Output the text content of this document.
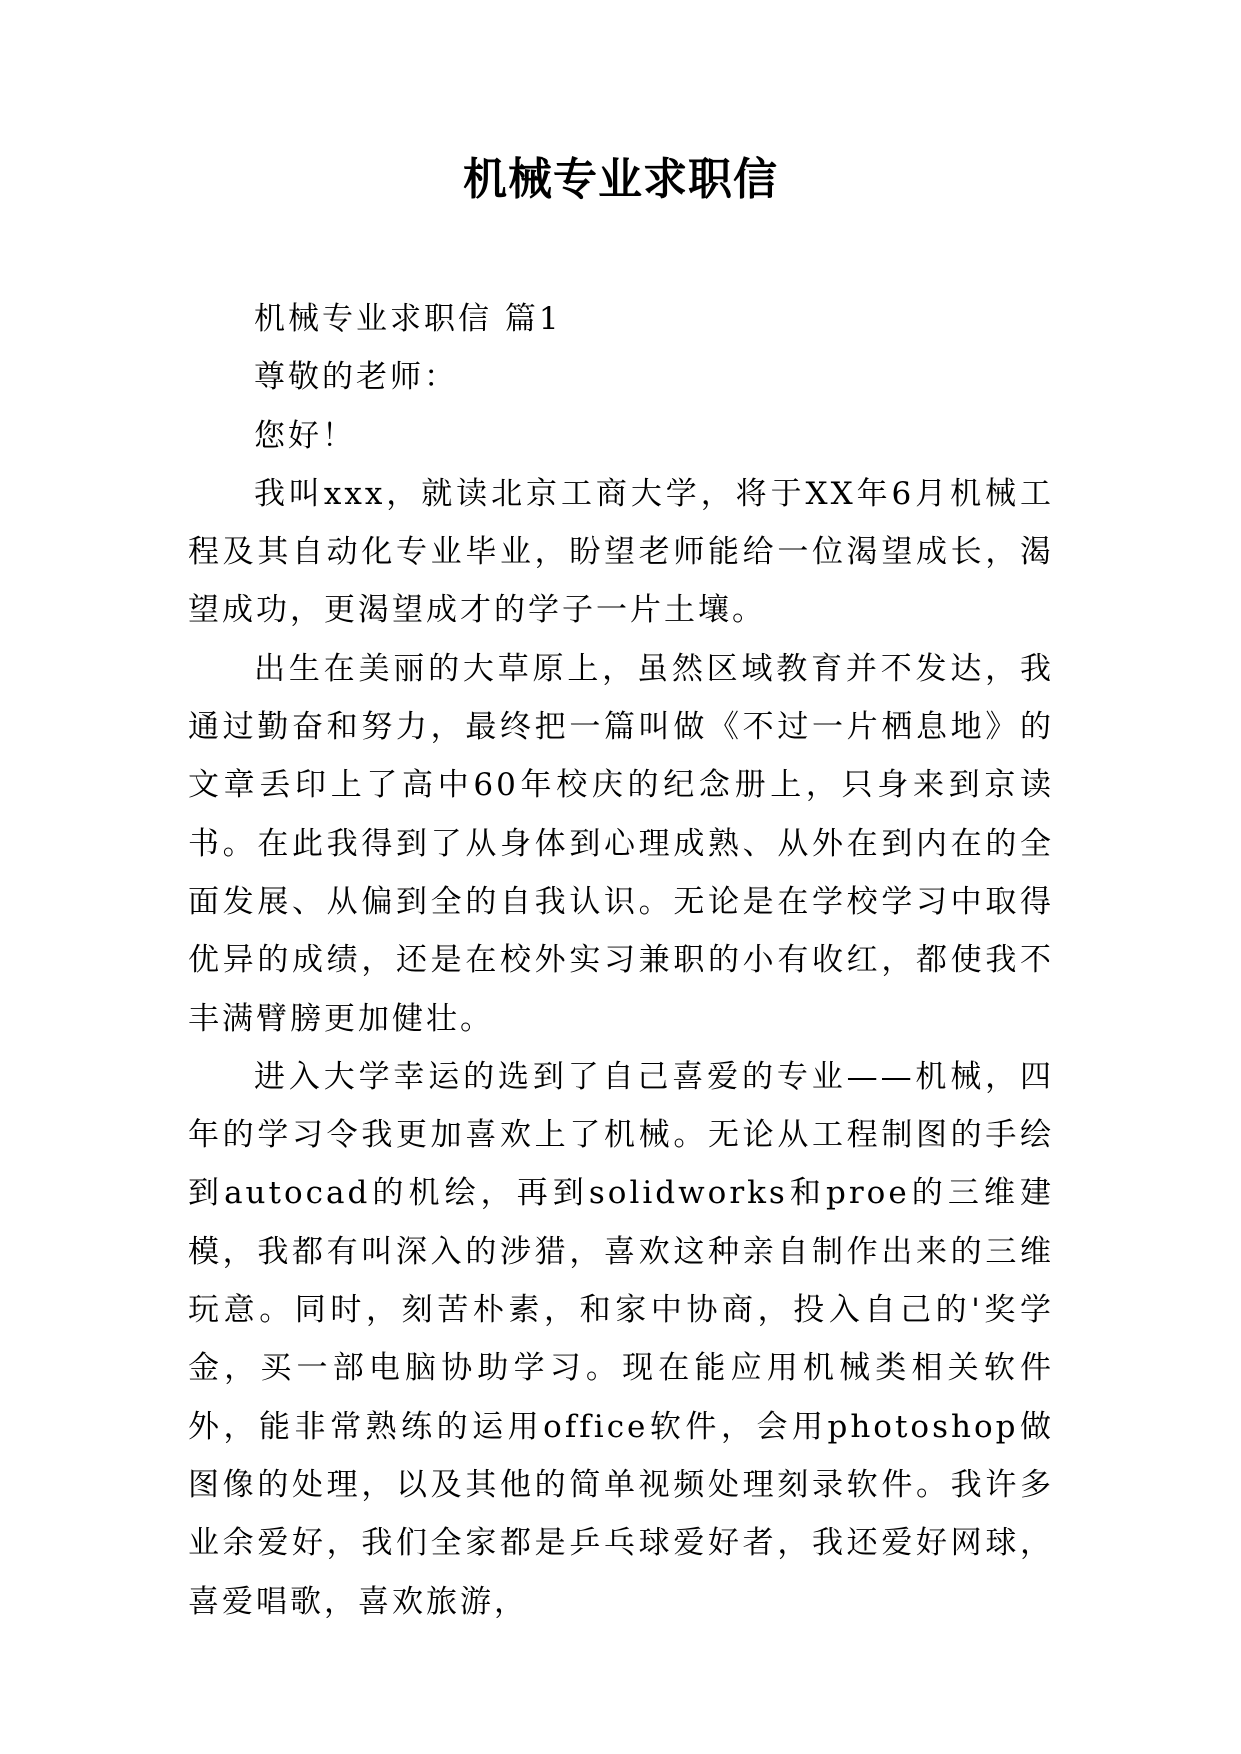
机械专业求职信

机械专业求职信 篇1

尊敬的老师：

您好！

我叫xxx，就读北京工商大学，将于XX年6月机械工程及其自动化专业毕业，盼望老师能给一位渴望成长，渴望成功，更渴望成才的学子一片土壤。

出生在美丽的大草原上，虽然区域教育并不发达，我通过勤奋和努力，最终把一篇叫做《不过一片栖息地》的文章丢印上了高中60年校庆的纪念册上，只身来到京读书。在此我得到了从身体到心理成熟、从外在到内在的全面发展、从偏到全的自我认识。无论是在学校学习中取得优异的成绩，还是在校外实习兼职的小有收红，都使我不丰满臂膀更加健壮。

进入大学幸运的选到了自己喜爱的专业——机械，四年的学习令我更加喜欢上了机械。无论从工程制图的手绘到autocad的机绘，再到solidworks和proe的三维建模，我都有叫深入的涉猎，喜欢这种亲自制作出来的三维玩意。同时，刻苦朴素，和家中协商，投入自己的'奖学金，买一部电脑协助学习。现在能应用机械类相关软件外，能非常熟练的运用office软件，会用photoshop做图像的处理，以及其他的简单视频处理刻录软件。我许多业余爱好，我们全家都是乒乓球爱好者，我还爱好网球，喜爱唱歌，喜欢旅游，
